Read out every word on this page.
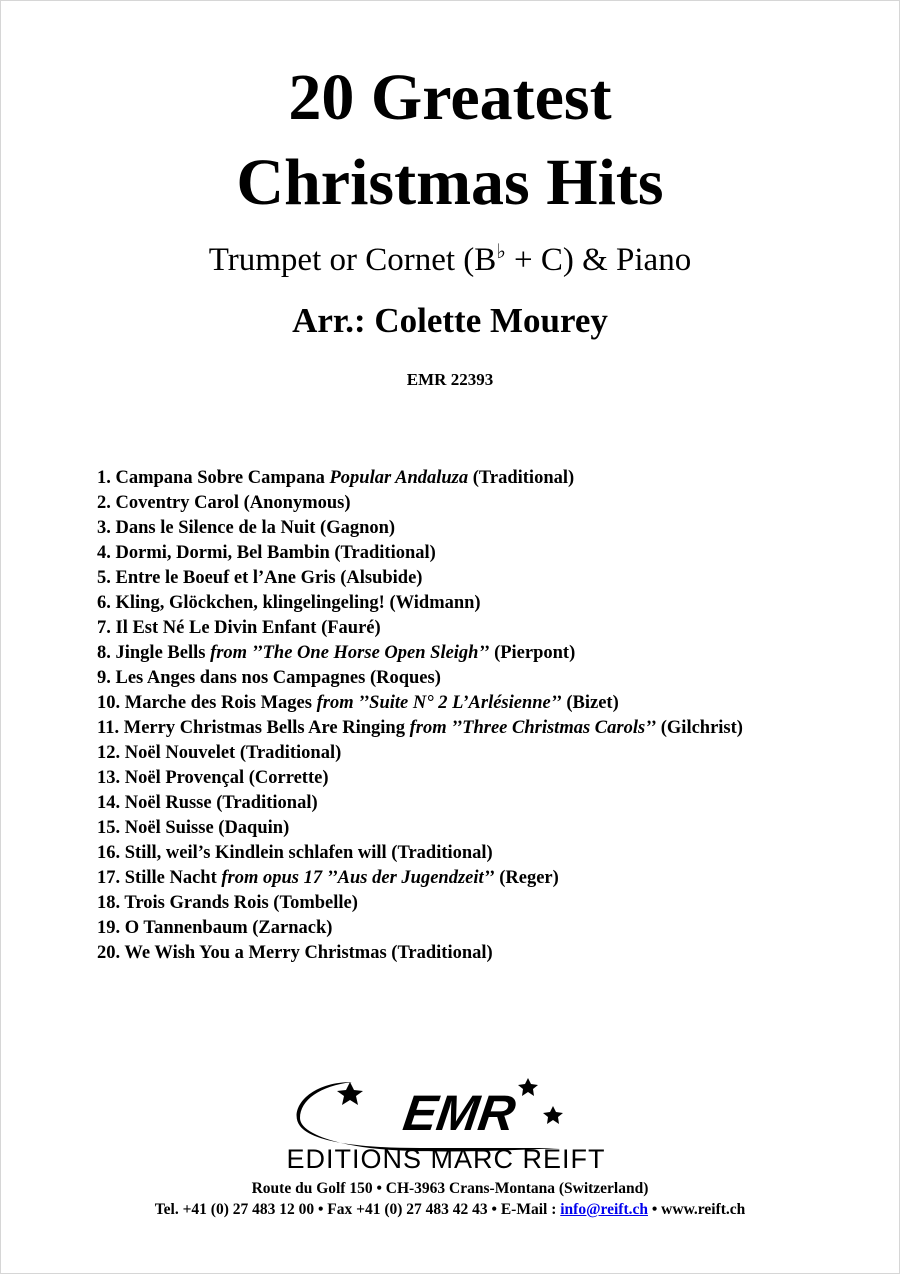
20 Greatest
Christmas Hits
Trumpet or Cornet (B♭ + C) & Piano
Arr.: Colette Mourey
EMR 22393
1. Campana Sobre Campana Popular Andaluza (Traditional)
2. Coventry Carol (Anonymous)
3. Dans le Silence de la Nuit (Gagnon)
4. Dormi, Dormi, Bel Bambin (Traditional)
5. Entre le Boeuf et l’Ane Gris (Alsubide)
6. Kling, Glöckchen, klingelingeling! (Widmann)
7. Il Est Né Le Divin Enfant (Fauré)
8. Jingle Bells from ’’The One Horse Open Sleigh’’ (Pierpont)
9. Les Anges dans nos Campagnes (Roques)
10. Marche des Rois Mages from ’’Suite N° 2 L’Arlésienne’’ (Bizet)
11. Merry Christmas Bells Are Ringing from ’’Three Christmas Carols’’ (Gilchrist)
12. Noël Nouvelet (Traditional)
13. Noël Provençal (Corrette)
14. Noël Russe (Traditional)
15. Noël Suisse (Daquin)
16. Still, weil’s Kindlein schlafen will (Traditional)
17. Stille Nacht from opus 17 ’’Aus der Jugendzeit’’ (Reger)
18. Trois Grands Rois (Tombelle)
19. O Tannenbaum (Zarnack)
20. We Wish You a Merry Christmas (Traditional)
EMR
EDITIONS MARC REIFT
Route du Golf 150 • CH-3963 Crans-Montana (Switzerland)
Tel. +41 (0) 27 483 12 00 • Fax +41 (0) 27 483 42 43 • E-Mail : info@reift.ch • www.reift.ch
